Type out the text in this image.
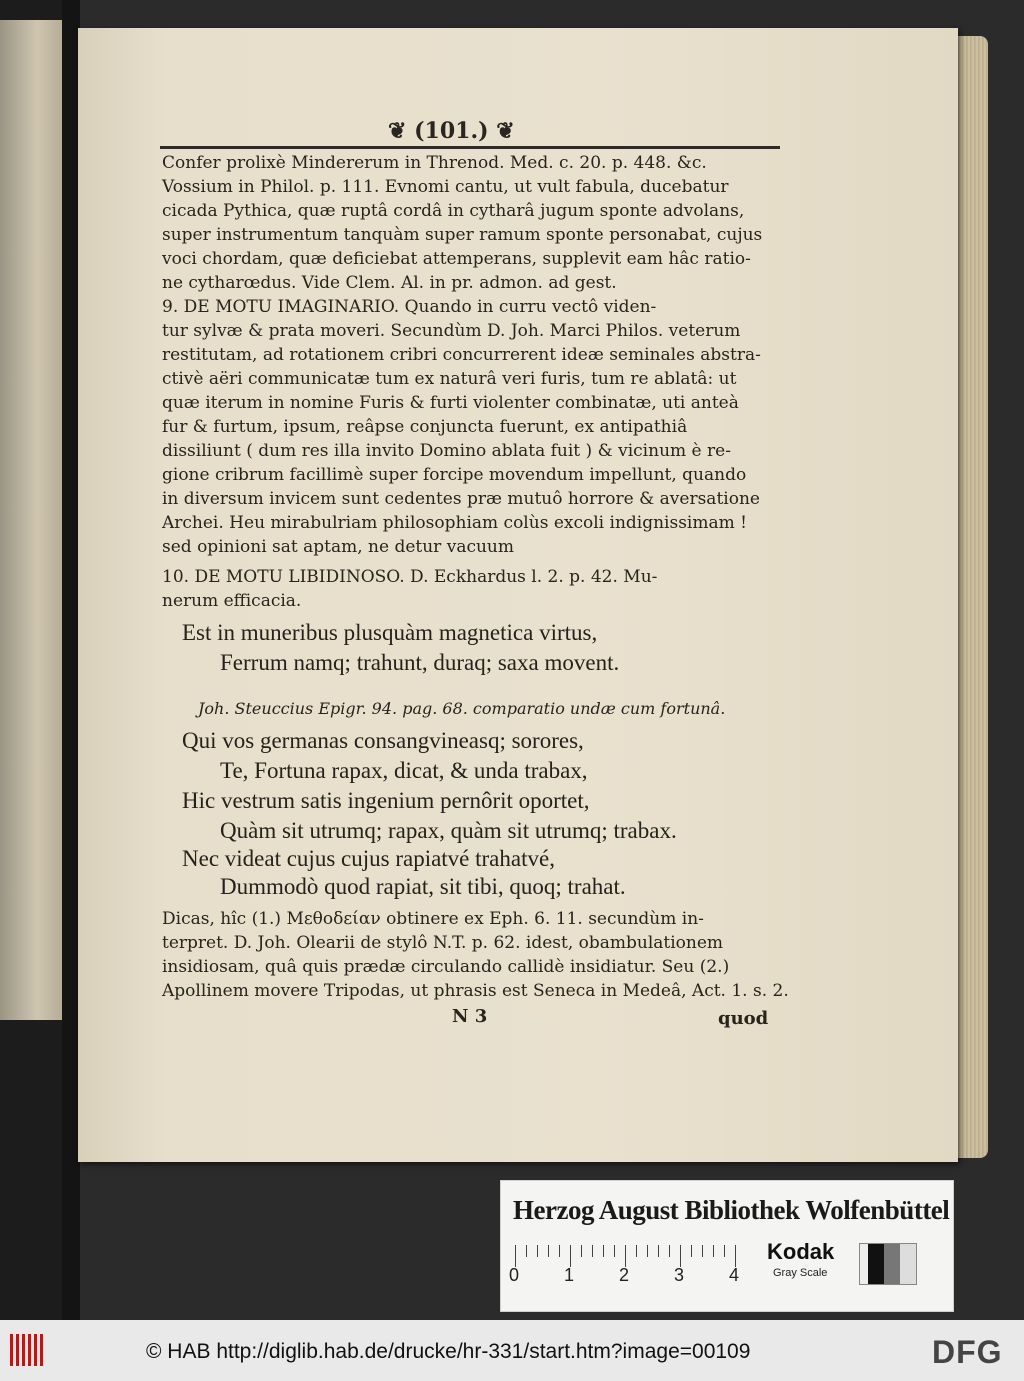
❦ (101.) ❦
Confer prolixè Mindererum in Threnod. Med. c. 20. p. 448. &c.
Vossium in Philol. p. 111. Evnomi cantu, ut vult fabula, ducebatur
cicada Pythica, quæ ruptâ cordâ in cytharâ jugum sponte advolans,
super instrumentum tanquàm super ramum sponte personabat, cujus
voci chordam, quæ deficiebat attemperans, supplevit eam hâc ratio-
ne cytharœdus. Vide Clem. Al. in pr. admon. ad gest.
9. DE MOTU IMAGINARIO. Quando in curru vectô viden-
tur sylvæ & prata moveri. Secundùm D. Joh. Marci Philos. veterum
restitutam, ad rotationem cribri concurrerent ideæ seminales abstra-
ctivè aëri communicatæ tum ex naturâ veri furis, tum re ablatâ: ut
quæ iterum in nomine Furis & furti violenter combinatæ, uti anteà
fur & furtum, ipsum, reâpse conjuncta fuerunt, ex antipathiâ
dissiliunt ( dum res illa invito Domino ablata fuit ) & vicinum è re-
gione cribrum facillimè super forcipe movendum impellunt, quando
in diversum invicem sunt cedentes præ mutuô horrore & aversatione
Archei. Heu mirabulriam philosophiam colùs excoli indignissimam !
sed opinioni sat aptam, ne detur vacuum
10. DE MOTU LIBIDINOSO. D. Eckhardus l. 2. p. 42. Mu-
nerum efficacia.
Est in muneribus plusquàm magnetica virtus,
Ferrum namq; trahunt, duraq; saxa movent.
Joh. Steuccius Epigr. 94. pag. 68. comparatio undæ cum fortunâ.
Qui vos germanas consangvineasq; sorores,
Te, Fortuna rapax, dicat, & unda trabax,
Hic vestrum satis ingenium pernôrit oportet,
Quàm sit utrumq; rapax, quàm sit utrumq; trabax.
Nec videat cujus cujus rapiatvé trahatvé,
Dummodò quod rapiat, sit tibi, quoq; trahat.
Dicas, hîc (1.) Μεθοδείαν obtinere ex Eph. 6. 11. secundùm in-
terpret. D. Joh. Olearii de stylô N.T. p. 62. idest, obambulationem
insidiosam, quâ quis prædæ circulando callidè insidiatur. Seu (2.)
Apollinem movere Tripodas, ut phrasis est Seneca in Medeâ, Act. 1. s. 2.
N 3	quod
Herzog August Bibliothek Wolfenbüttel
0 1 2 3 4
Kodak
Gray Scale
© HAB http://diglib.hab.de/drucke/hr-331/start.htm?image=00109	DFG
